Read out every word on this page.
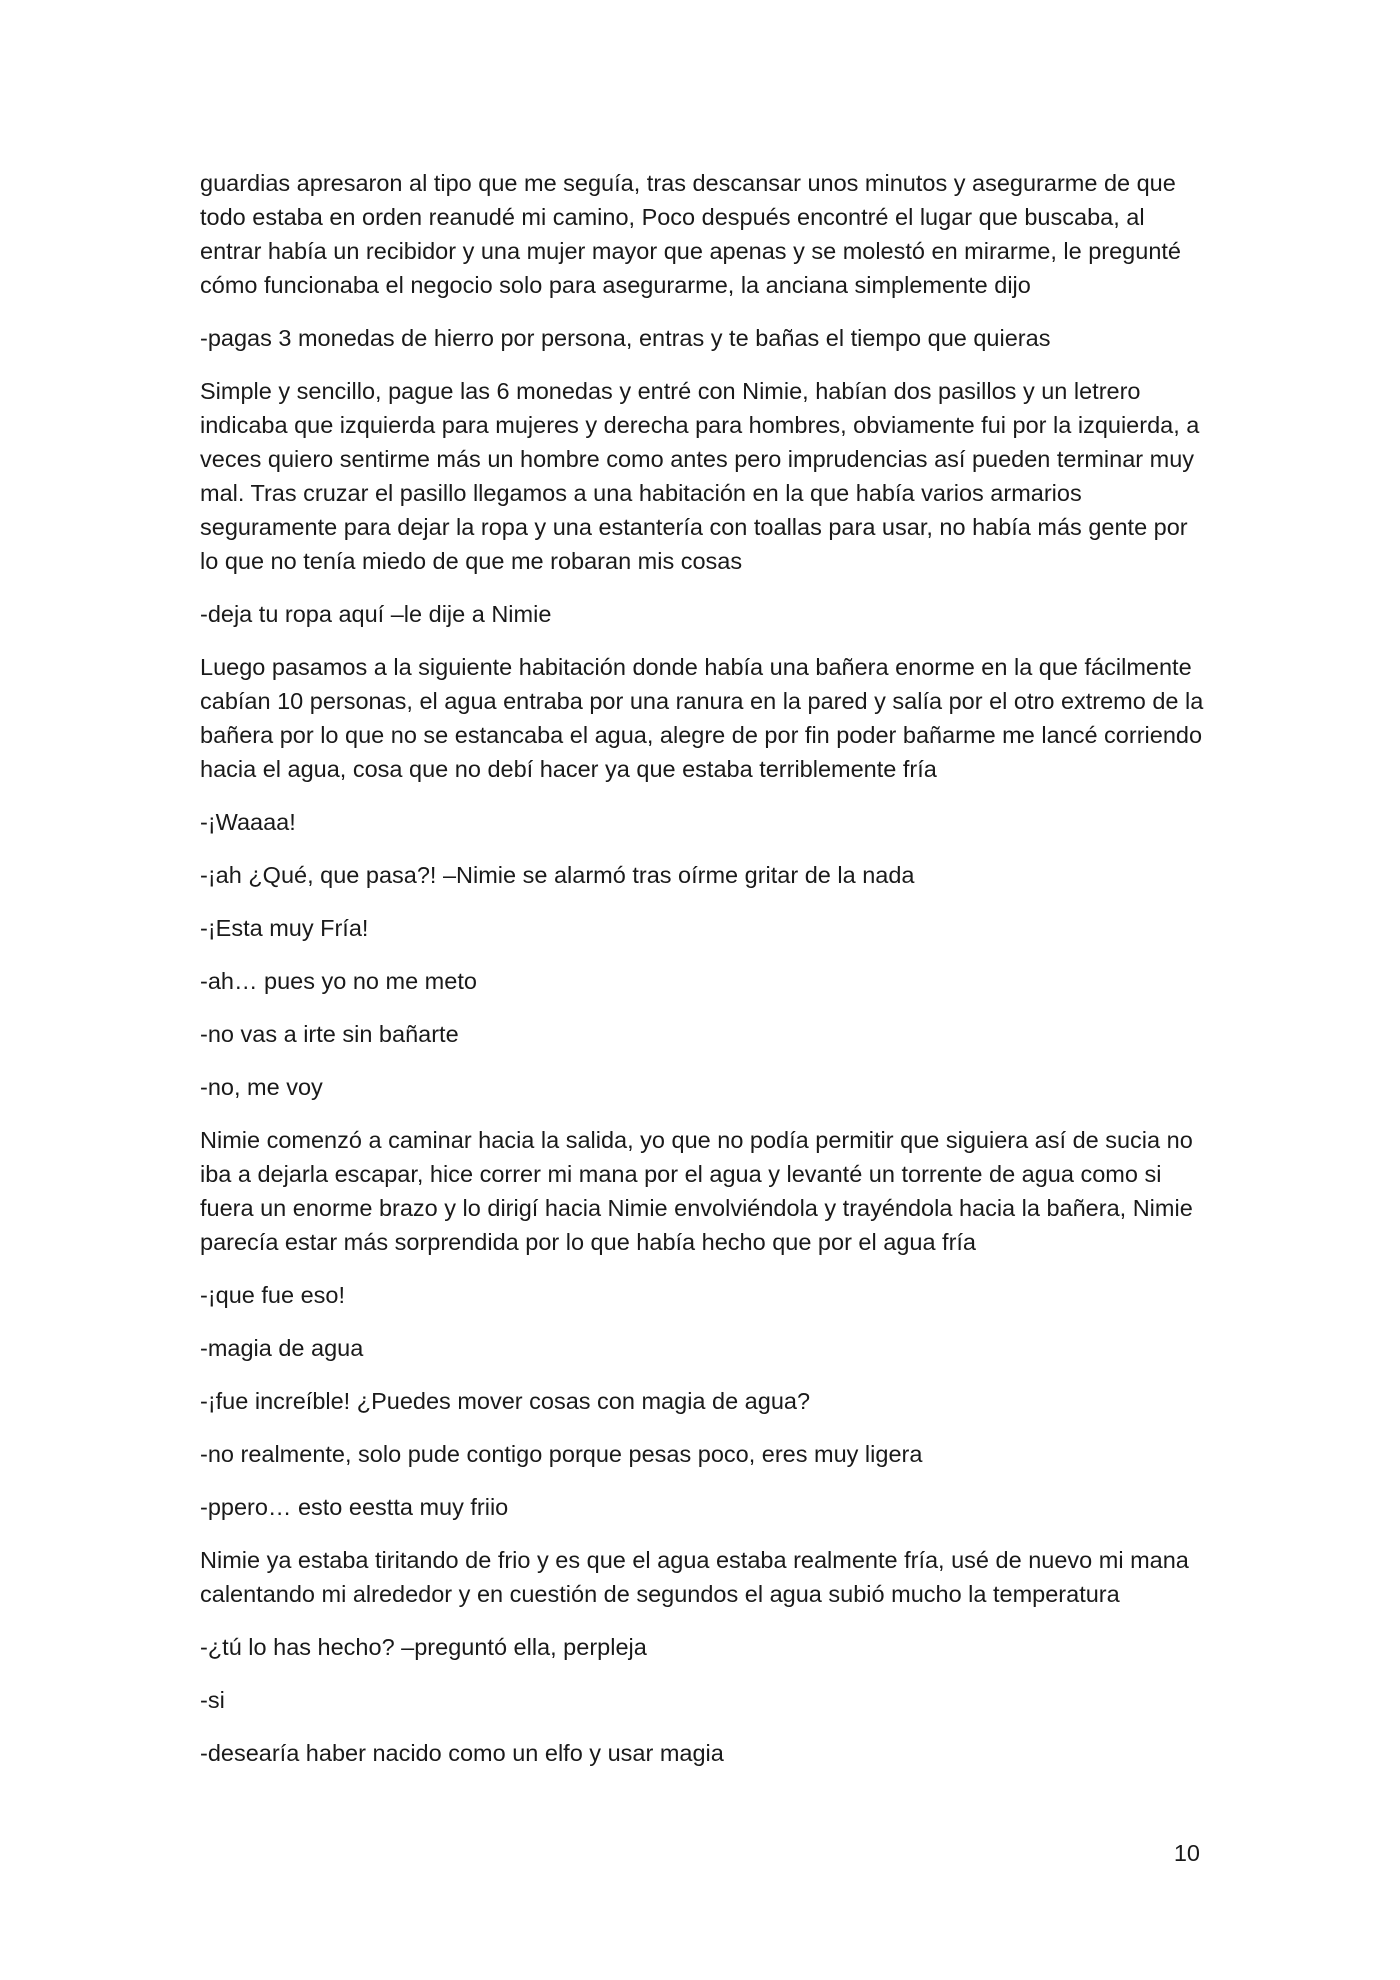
guardias apresaron al tipo que me seguía, tras descansar unos minutos y asegurarme de que todo estaba en orden reanudé mi camino, Poco después encontré el lugar que buscaba, al entrar había un recibidor y una mujer mayor que apenas y se molestó en mirarme, le pregunté cómo funcionaba el negocio solo para asegurarme, la anciana simplemente dijo

-pagas 3 monedas de hierro por persona, entras y te bañas el tiempo que quieras

Simple y sencillo, pague las 6 monedas y entré con Nimie, habían dos pasillos y un letrero indicaba que izquierda para mujeres y derecha para hombres, obviamente fui por la izquierda, a veces quiero sentirme más un hombre como antes pero imprudencias así pueden terminar muy mal. Tras cruzar el pasillo llegamos a una habitación en la que había varios armarios seguramente para dejar la ropa y una estantería con toallas para usar, no había más gente por lo que no tenía miedo de que me robaran mis cosas

-deja tu ropa aquí –le dije a Nimie

Luego pasamos a la siguiente habitación donde había una bañera enorme en la que fácilmente cabían 10 personas, el agua entraba por una ranura en la pared y salía por el otro extremo de la bañera por lo que no se estancaba el agua, alegre de por fin poder bañarme me lancé corriendo hacia el agua, cosa que no debí hacer ya que estaba terriblemente fría

-¡Waaaa!

-¡ah ¿Qué, que pasa?! –Nimie se alarmó tras oírme gritar de la nada

-¡Esta muy Fría!

-ah… pues yo no me meto

-no vas a irte sin bañarte

-no, me voy

Nimie comenzó a caminar hacia la salida, yo que no podía permitir que siguiera así de sucia no iba a dejarla escapar, hice correr mi mana por el agua y levanté un torrente de agua como si fuera un enorme brazo y lo dirigí hacia Nimie envolviéndola y trayéndola hacia la bañera, Nimie parecía estar más sorprendida por lo que había hecho que por el agua fría

-¡que fue eso!

-magia de agua

-¡fue increíble! ¿Puedes mover cosas con magia de agua?

-no realmente, solo pude contigo porque pesas poco, eres muy ligera

-ppero… esto eestta muy friio

Nimie ya estaba tiritando de frio y es que el agua estaba realmente fría, usé de nuevo mi mana calentando mi alrededor y en cuestión de segundos el agua subió mucho la temperatura

-¿tú lo has hecho? –preguntó ella, perpleja

-si

-desearía haber nacido como un elfo y usar magia

10
